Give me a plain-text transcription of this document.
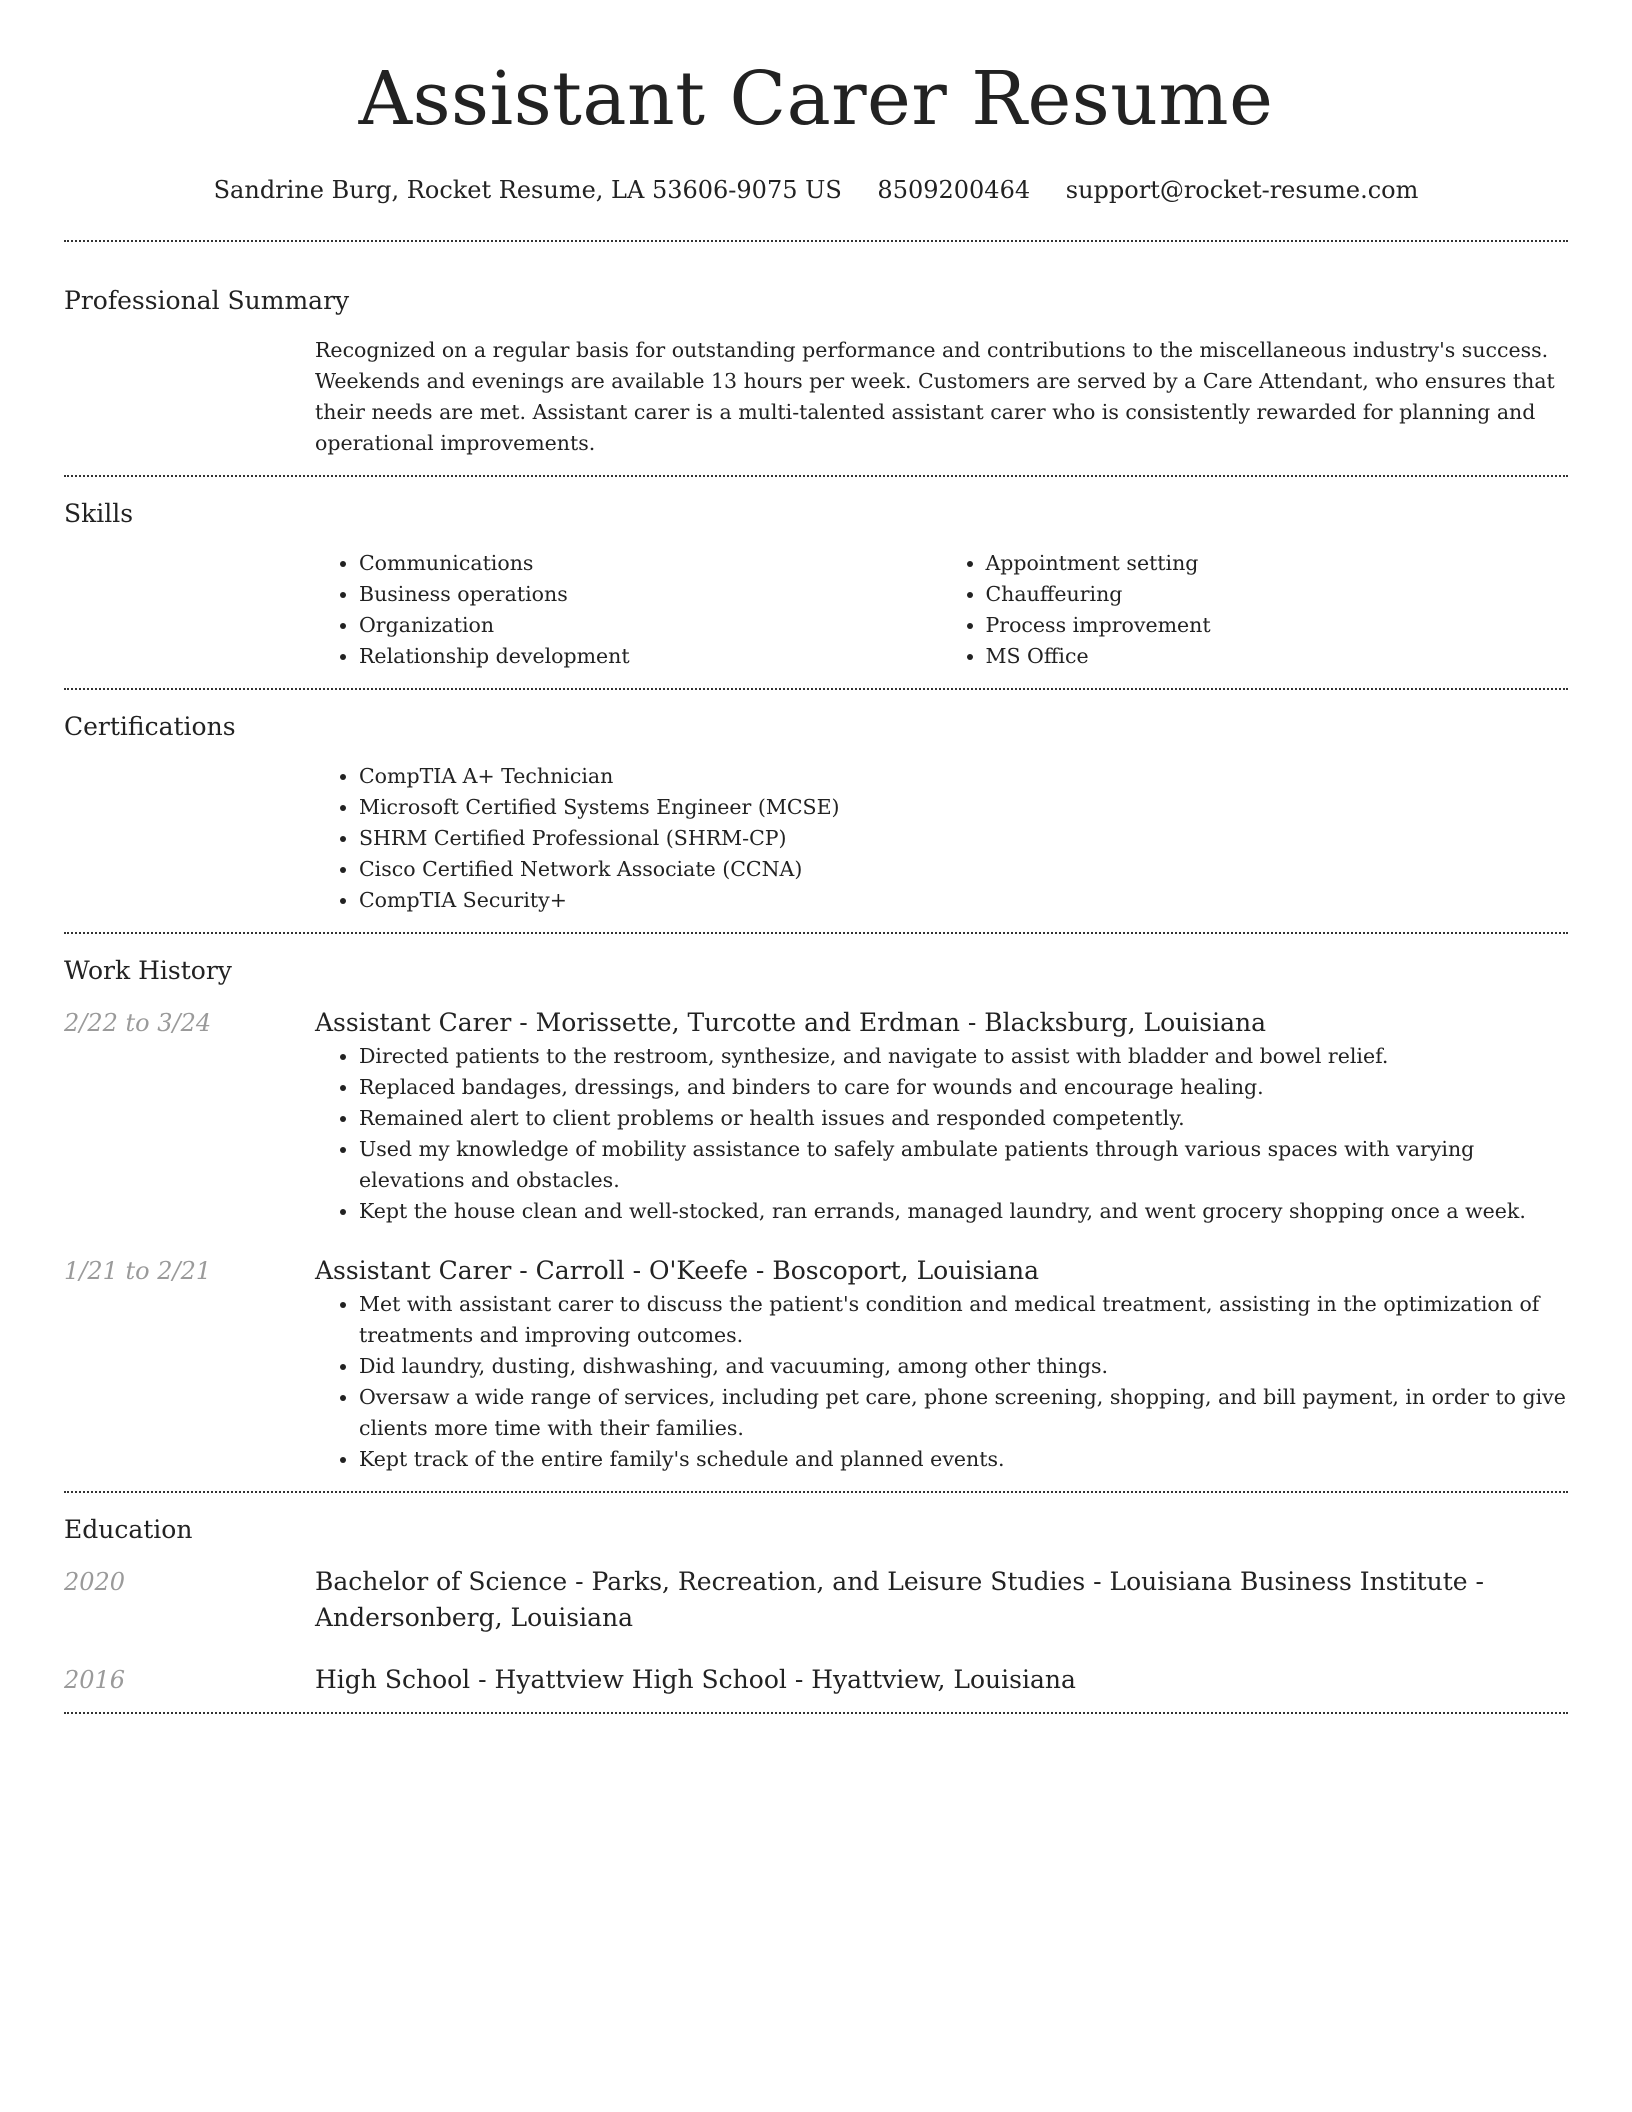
Assistant Carer Resume
Sandrine Burg, Rocket Resume, LA 53606-9075 US 8509200464 support@rocket-resume.com
Professional Summary

Recognized on a regular basis for outstanding performance and contributions to the miscellaneous industry's success. Weekends and evenings are available 13 hours per week. Customers are served by a Care Attendant, who ensures that their needs are met. Assistant carer is a multi-talented assistant carer who is consistently rewarded for planning and operational improvements.

Skills
• Communications
• Business operations
• Organization
• Relationship development
• Appointment setting
• Chauffeuring
• Process improvement
• MS Office
Certifications
• CompTIA A+ Technician
• Microsoft Certified Systems Engineer (MCSE)
• SHRM Certified Professional (SHRM-CP)
• Cisco Certified Network Associate (CCNA)
• CompTIA Security+
Work History
2/22 to 3/24	Assistant Carer - Morissette, Turcotte and Erdman - Blacksburg, Louisiana

• Directed patients to the restroom, synthesize, and navigate to assist with bladder and bowel relief.
• Replaced bandages, dressings, and binders to care for wounds and encourage healing.
• Remained alert to client problems or health issues and responded competently.
• Used my knowledge of mobility assistance to safely ambulate patients through various spaces with varying elevations and obstacles.
• Kept the house clean and well-stocked, ran errands, managed laundry, and went grocery shopping once a week.
1/21 to 2/21	Assistant Carer - Carroll - O'Keefe - Boscoport, Louisiana

• Met with assistant carer to discuss the patient's condition and medical treatment, assisting in the optimization of treatments and improving outcomes.
• Did laundry, dusting, dishwashing, and vacuuming, among other things.
• Oversaw a wide range of services, including pet care, phone screening, shopping, and bill payment, in order to give clients more time with their families.
• Kept track of the entire family's schedule and planned events.
Education
2020	Bachelor of Science - Parks, Recreation, and Leisure Studies - Louisiana Business Institute - Andersonberg, Louisiana

2016	High School - Hyattview High School - Hyattview, Louisiana
